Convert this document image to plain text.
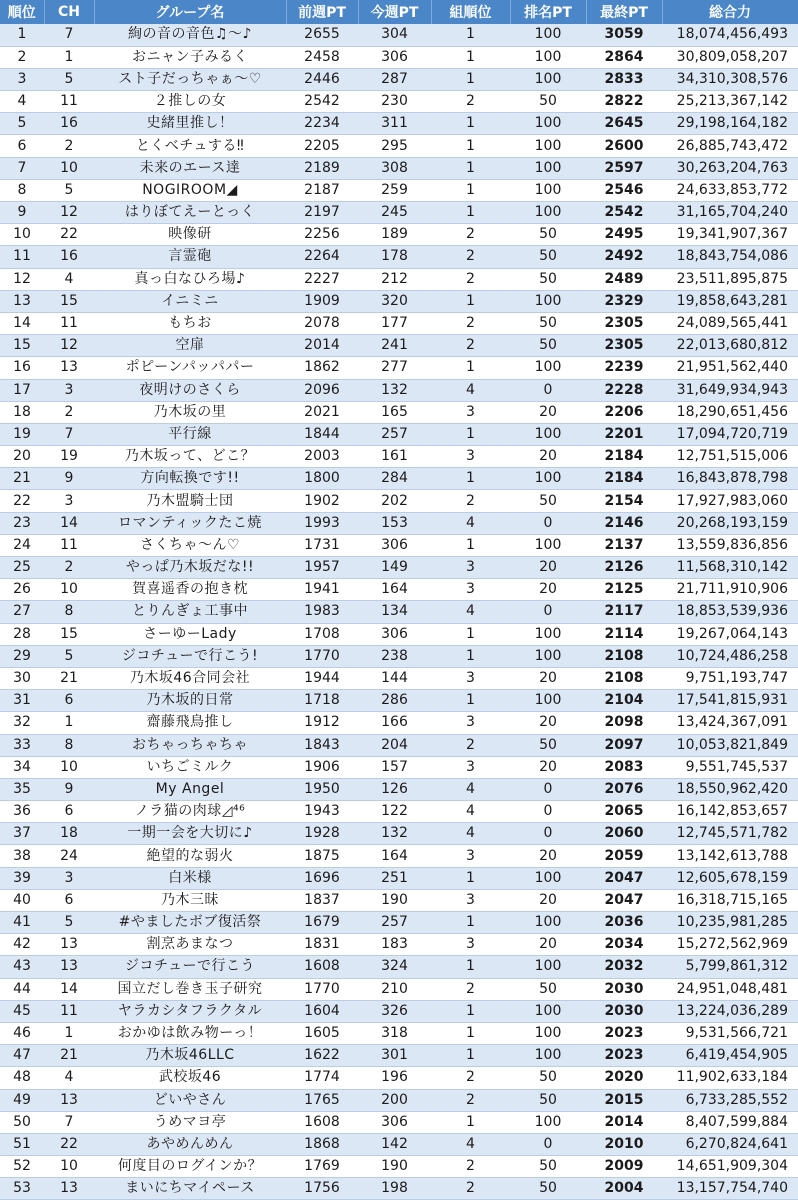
順位	CH	グループ名	前週PT	今週PT	組順位	排名PT	最終PT	総合力
1	7	絢の音の音色♫～♪	2655	304	1	100	3059	18,074,456,493
2	1	おニャン子みるく	2458	306	1	100	2864	30,809,058,207
3	5	スト子だっちゃぁ～♡	2446	287	1	100	2833	34,310,308,576
4	11	２推しの女	2542	230	2	50	2822	25,213,367,142
5	16	史緒里推し！	2234	311	1	100	2645	29,198,164,182
6	2	とくベチュする‼	2205	295	1	100	2600	26,885,743,472
7	10	未来のエース達	2189	308	1	100	2597	30,263,204,763
8	5	NOGIROOM◢	2187	259	1	100	2546	24,633,853,772
9	12	はりぼてえーとっく	2197	245	1	100	2542	31,165,704,240
10	22	映像研	2256	189	2	50	2495	19,341,907,367
11	16	言霊砲	2264	178	2	50	2492	18,843,754,086
12	4	真っ白なひろ場♪	2227	212	2	50	2489	23,511,895,875
13	15	イニミニ	1909	320	1	100	2329	19,858,643,281
14	11	もちお	2078	177	2	50	2305	24,089,565,441
15	12	空扉	2014	241	2	50	2305	22,013,680,812
16	13	ポピーンパッパパー	1862	277	1	100	2239	21,951,562,440
17	3	夜明けのさくら	2096	132	4	0	2228	31,649,934,943
18	2	乃木坂の里	2021	165	3	20	2206	18,290,651,456
19	7	平行線	1844	257	1	100	2201	17,094,720,719
20	19	乃木坂って、どこ？	2003	161	3	20	2184	12,751,515,006
21	9	方向転換です!!	1800	284	1	100	2184	16,843,878,798
22	3	乃木盟騎士団	1902	202	2	50	2154	17,927,983,060
23	14	ロマンティックたこ焼	1993	153	4	0	2146	20,268,193,159
24	11	さくちゃ～ん♡	1731	306	1	100	2137	13,559,836,856
25	2	やっぱ乃木坂だな!!	1957	149	3	20	2126	11,568,310,142
26	10	賀喜遥香の抱き枕	1941	164	3	20	2125	21,711,910,906
27	8	とりんぎょ工事中	1983	134	4	0	2117	18,853,539,936
28	15	さーゆーLady	1708	306	1	100	2114	19,267,064,143
29	5	ジコチューで行こう!	1770	238	1	100	2108	10,724,486,258
30	21	乃木坂46合同会社	1944	144	3	20	2108	9,751,193,747
31	6	乃木坂的日常	1718	286	1	100	2104	17,541,815,931
32	1	齋藤飛鳥推し	1912	166	3	20	2098	13,424,367,091
33	8	おちゃっちゃちゃ	1843	204	2	50	2097	10,053,821,849
34	10	いちごミルク	1906	157	3	20	2083	9,551,745,537
35	9	My Angel	1950	126	4	0	2076	18,550,962,420
36	6	ノラ猫の肉球◿⁴⁶	1943	122	4	0	2065	16,142,853,657
37	18	一期一会を大切に♪	1928	132	4	0	2060	12,745,571,782
38	24	絶望的な弱火	1875	164	3	20	2059	13,142,613,788
39	3	白米様	1696	251	1	100	2047	12,605,678,159
40	6	乃木三昧	1837	190	3	20	2047	16,318,715,165
41	5	#やましたボブ復活祭	1679	257	1	100	2036	10,235,981,285
42	13	割烹あまなつ	1831	183	3	20	2034	15,272,562,969
43	13	ジコチューで行こう	1608	324	1	100	2032	5,799,861,312
44	14	国立だし巻き玉子研究	1770	210	2	50	2030	24,951,048,481
45	11	ヤラカシタフラクタル	1604	326	1	100	2030	13,224,036,289
46	1	おかゆは飲み物ーっ！	1605	318	1	100	2023	9,531,566,721
47	21	乃木坂46LLC	1622	301	1	100	2023	6,419,454,905
48	4	武校坂46	1774	196	2	50	2020	11,902,633,184
49	13	どいやさん	1765	200	2	50	2015	6,733,285,552
50	7	うめマヨ亭	1608	306	1	100	2014	8,407,599,884
51	22	あやめんめん	1868	142	4	0	2010	6,270,824,641
52	10	何度目のログインか？	1769	190	2	50	2009	14,651,909,304
53	13	まいにちマイペース	1756	198	2	50	2004	13,157,754,740
